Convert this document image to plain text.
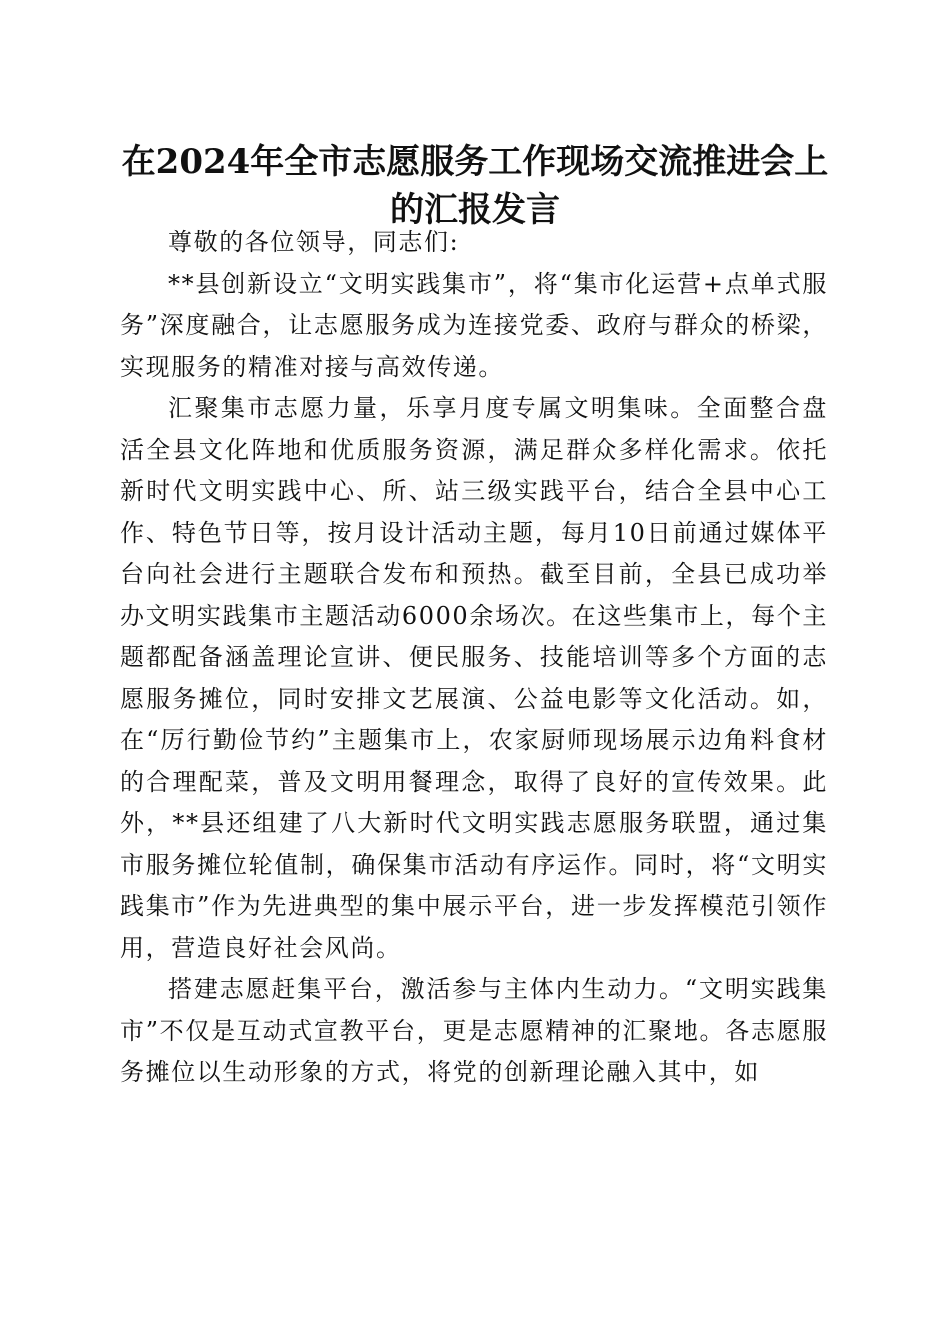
在2024年全市志愿服务工作现场交流推进会上的汇报发言

尊敬的各位领导，同志们:

**县创新设立“文明实践集市”，将“集市化运营+点单式服务”深度融合，让志愿服务成为连接党委、政府与群众的桥梁，实现服务的精准对接与高效传递。

汇聚集市志愿力量，乐享月度专属文明集味。全面整合盘活全县文化阵地和优质服务资源，满足群众多样化需求。依托新时代文明实践中心、所、站三级实践平台，结合全县中心工作、特色节日等，按月设计活动主题，每月10日前通过媒体平台向社会进行主题联合发布和预热。截至目前，全县已成功举办文明实践集市主题活动6000余场次。在这些集市上，每个主题都配备涵盖理论宣讲、便民服务、技能培训等多个方面的志愿服务摊位，同时安排文艺展演、公益电影等文化活动。如，在“厉行勤俭节约”主题集市上，农家厨师现场展示边角料食材的合理配菜，普及文明用餐理念，取得了良好的宣传效果。此外，**县还组建了八大新时代文明实践志愿服务联盟，通过集市服务摊位轮值制，确保集市活动有序运作。同时，将“文明实践集市”作为先进典型的集中展示平台，进一步发挥模范引领作用，营造良好社会风尚。

搭建志愿赶集平台，激活参与主体内生动力。“文明实践集市”不仅是互动式宣教平台，更是志愿精神的汇聚地。各志愿服务摊位以生动形象的方式，将党的创新理论融入其中，如
